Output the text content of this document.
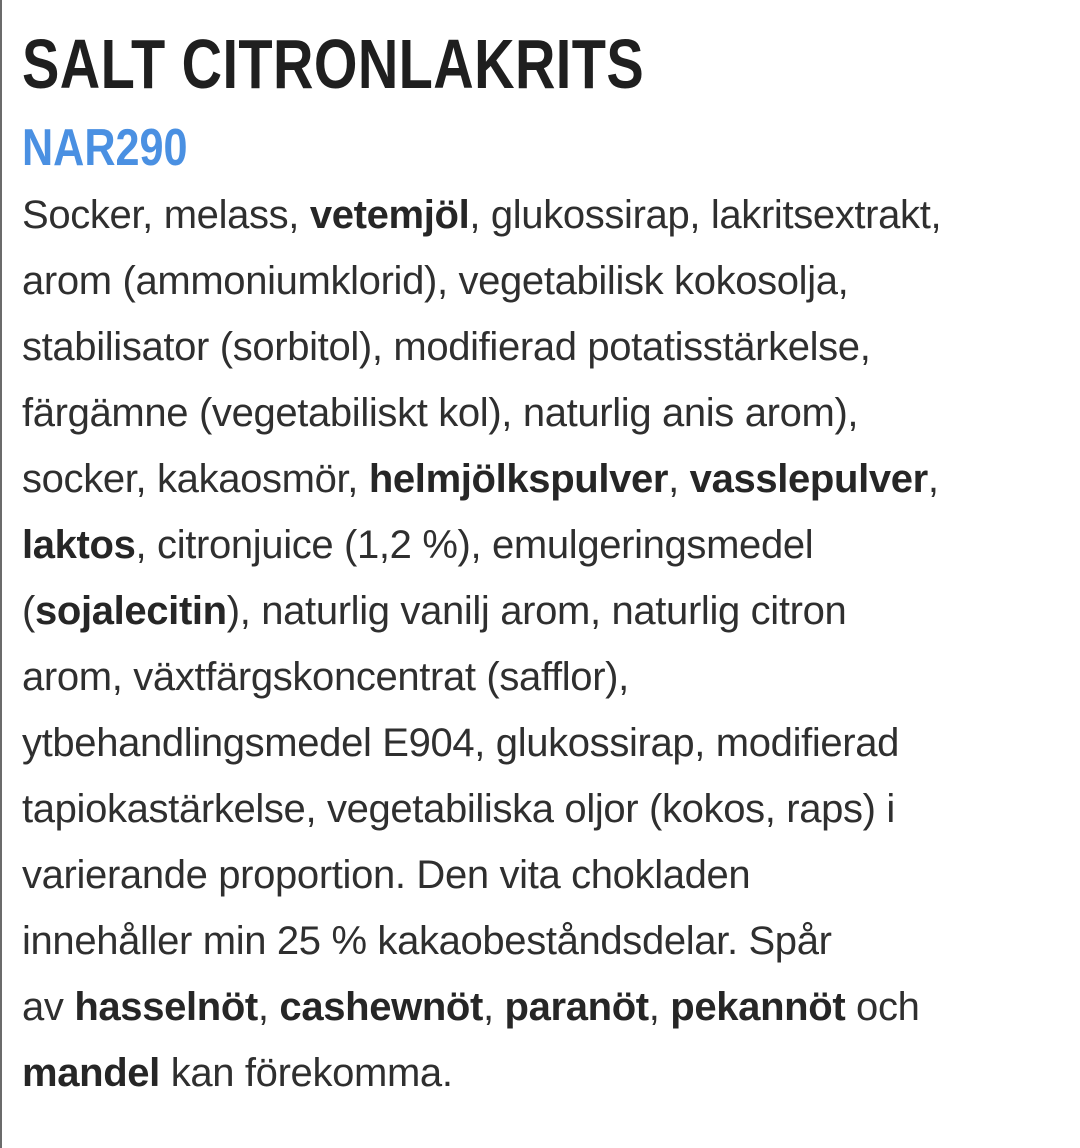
SALT CITRONLAKRITS
NAR290
Socker, melass, vetemjöl, glukossirap, lakritsextrakt,
arom (ammoniumklorid), vegetabilisk kokosolja,
stabilisator (sorbitol), modifierad potatisstärkelse,
färgämne (vegetabiliskt kol), naturlig anis arom),
socker, kakaosmör, helmjölkspulver, vasslepulver,
laktos, citronjuice (1,2 %), emulgeringsmedel
(sojalecitin), naturlig vanilj arom, naturlig citron
arom, växtfärgskoncentrat (safflor),
ytbehandlingsmedel E904, glukossirap, modifierad
tapiokastärkelse, vegetabiliska oljor (kokos, raps) i
varierande proportion. Den vita chokladen
innehåller min 25 % kakaobeståndsdelar. Spår
av hasselnöt, cashewnöt, paranöt, pekannöt och
mandel kan förekomma.
